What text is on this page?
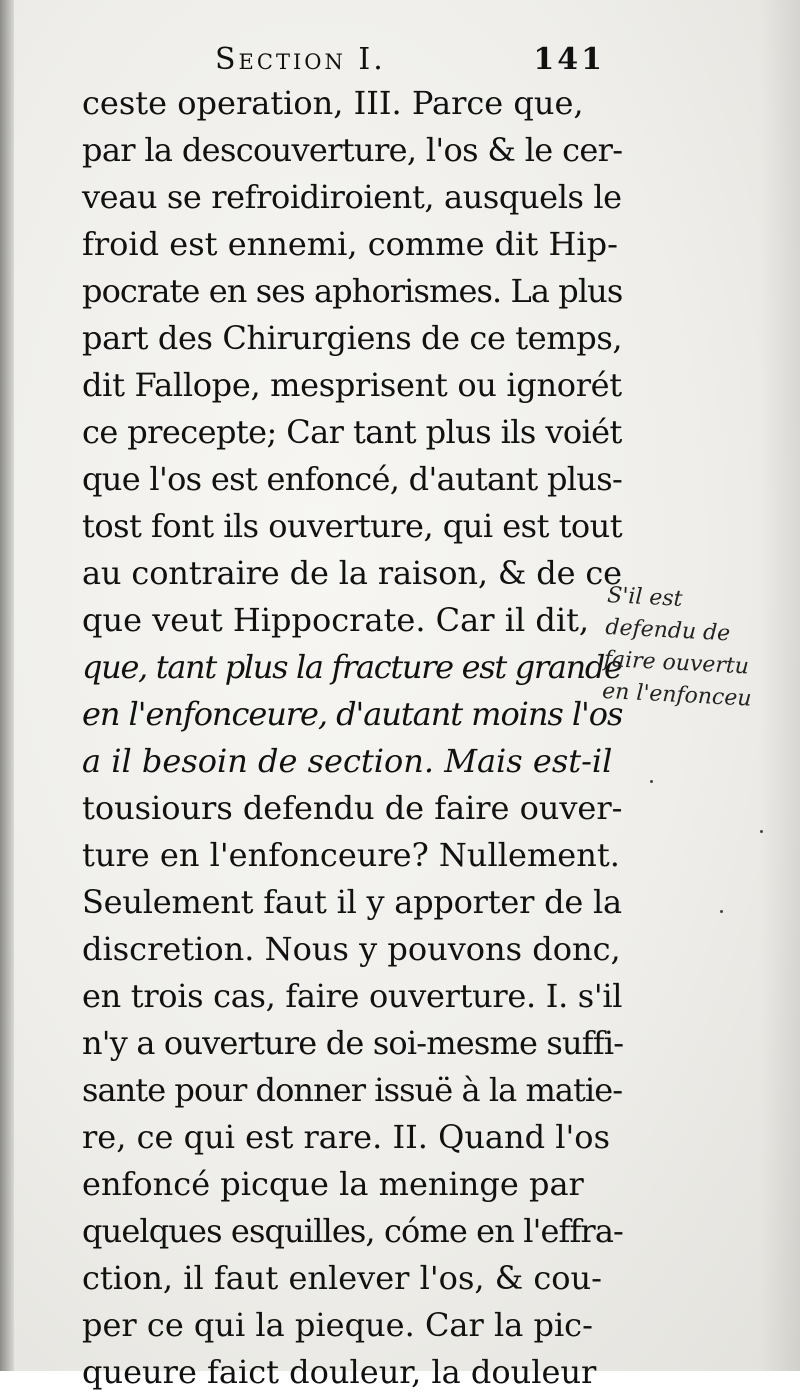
Section I.	141
ceste operation, III. Parce que,
par la descouverture, l'os & le cer-
veau se refroidiroient, ausquels le
froid est ennemi, comme dit Hip-
pocrate en ses aphorismes. La plus
part des Chirurgiens de ce temps,
dit Fallope, mesprisent ou ignorét
ce precepte; Car tant plus ils voiét
que l'os est enfoncé, d'autant plus-
tost font ils ouverture, qui est tout
au contraire de la raison, & de ce
que veut Hippocrate. Car il dit,
que, tant plus la fracture est grande
en l'enfonceure, d'autant moins l'os
a il besoin de section. Mais est-il
tousiours defendu de faire ouver-
ture en l'enfonceure? Nullement.
Seulement faut il y apporter de la
discretion. Nous y pouvons donc,
en trois cas, faire ouverture. I. s'il
n'y a ouverture de soi-mesme suffi-
sante pour donner issuë à la matie-
re, ce qui est rare. II. Quand l'os
enfoncé picque la meninge par
quelques esquilles, cóme en l'effra-
ction, il faut enlever l'os, & cou-
per ce qui la pieque. Car la pic-
queure faict douleur, la douleur
S'il est
defendu de
faire ouvertu
en l'enfonceu
